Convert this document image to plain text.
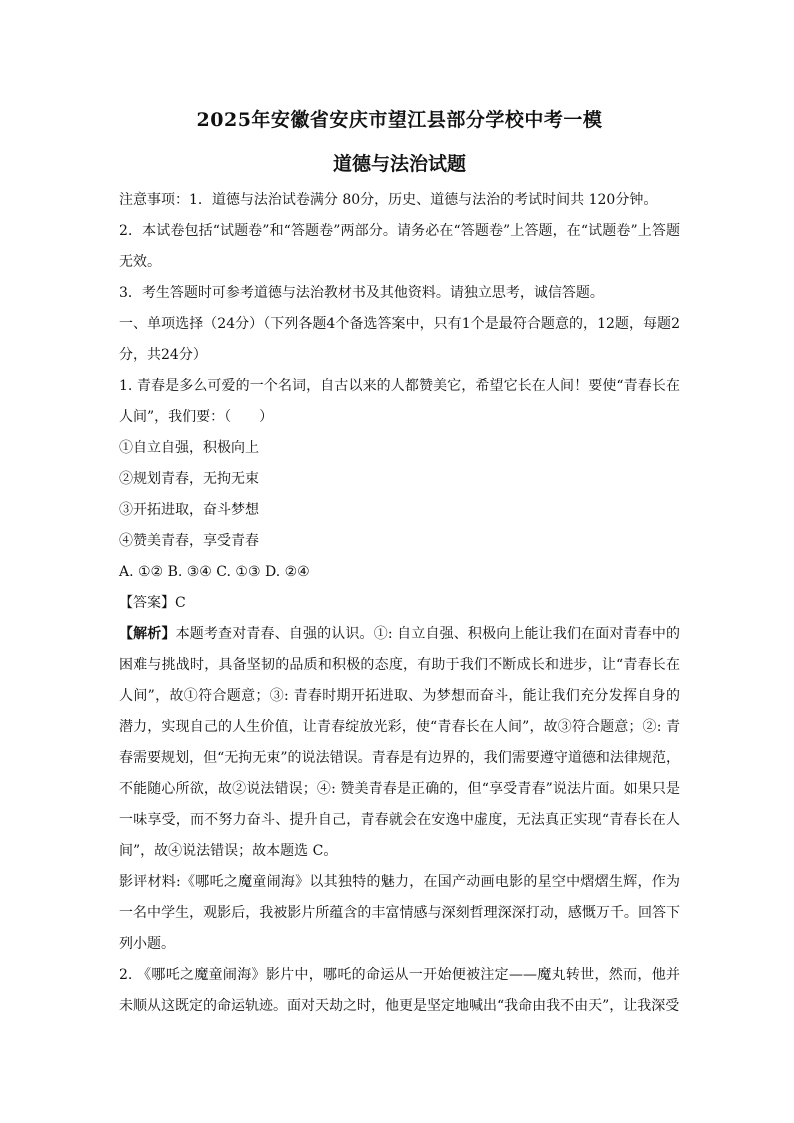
2025年安徽省安庆市望江县部分学校中考一模
道德与法治试题

注意事项：1．道德与法治试卷满分 80分，历史、道德与法治的考试时间共 120分钟。

2．本试卷包括“试题卷”和“答题卷”两部分。请务必在“答题卷”上答题，在“试题卷”上答题无效。

3．考生答题时可参考道德与法治教材书及其他资料。请独立思考，诚信答题。

一、单项选择（24分）（下列各题4个备选答案中，只有1个是最符合题意的，12题，每题2分，共24分）

1. 青春是多么可爱的一个名词，自古以来的人都赞美它，希望它长在人间！要使“青春长在人间”，我们要：（　　）

①自立自强，积极向上

②规划青春，无拘无束

③开拓进取，奋斗梦想

④赞美青春，享受青春

A. ①② B. ③④ C. ①③ D. ②④

【答案】C

【解析】本题考查对青春、自强的认识。①: 自立自强、积极向上能让我们在面对青春中的困难与挑战时，具备坚韧的品质和积极的态度，有助于我们不断成长和进步，让“青春长在人间”，故①符合题意；③: 青春时期开拓进取、为梦想而奋斗，能让我们充分发挥自身的潜力，实现自己的人生价值，让青春绽放光彩，使“青春长在人间”，故③符合题意；②: 青春需要规划，但“无拘无束”的说法错误。青春是有边界的，我们需要遵守道德和法律规范，不能随心所欲，故②说法错误；④: 赞美青春是正确的，但“享受青春”说法片面。如果只是一味享受，而不努力奋斗、提升自己，青春就会在安逸中虚度，无法真正实现“青春长在人间”，故④说法错误；故本题选 C。

影评材料:《哪吒之魔童闹海》以其独特的魅力，在国产动画电影的星空中熠熠生辉，作为一名中学生，观影后，我被影片所蕴含的丰富情感与深刻哲理深深打动，感慨万千。回答下列小题。

2. 《哪吒之魔童闹海》影片中，哪吒的命运从一开始便被注定——魔丸转世，然而，他并未顺从这既定的命运轨迹。面对天劫之时，他更是坚定地喊出“我命由我不由天”，让我深受
